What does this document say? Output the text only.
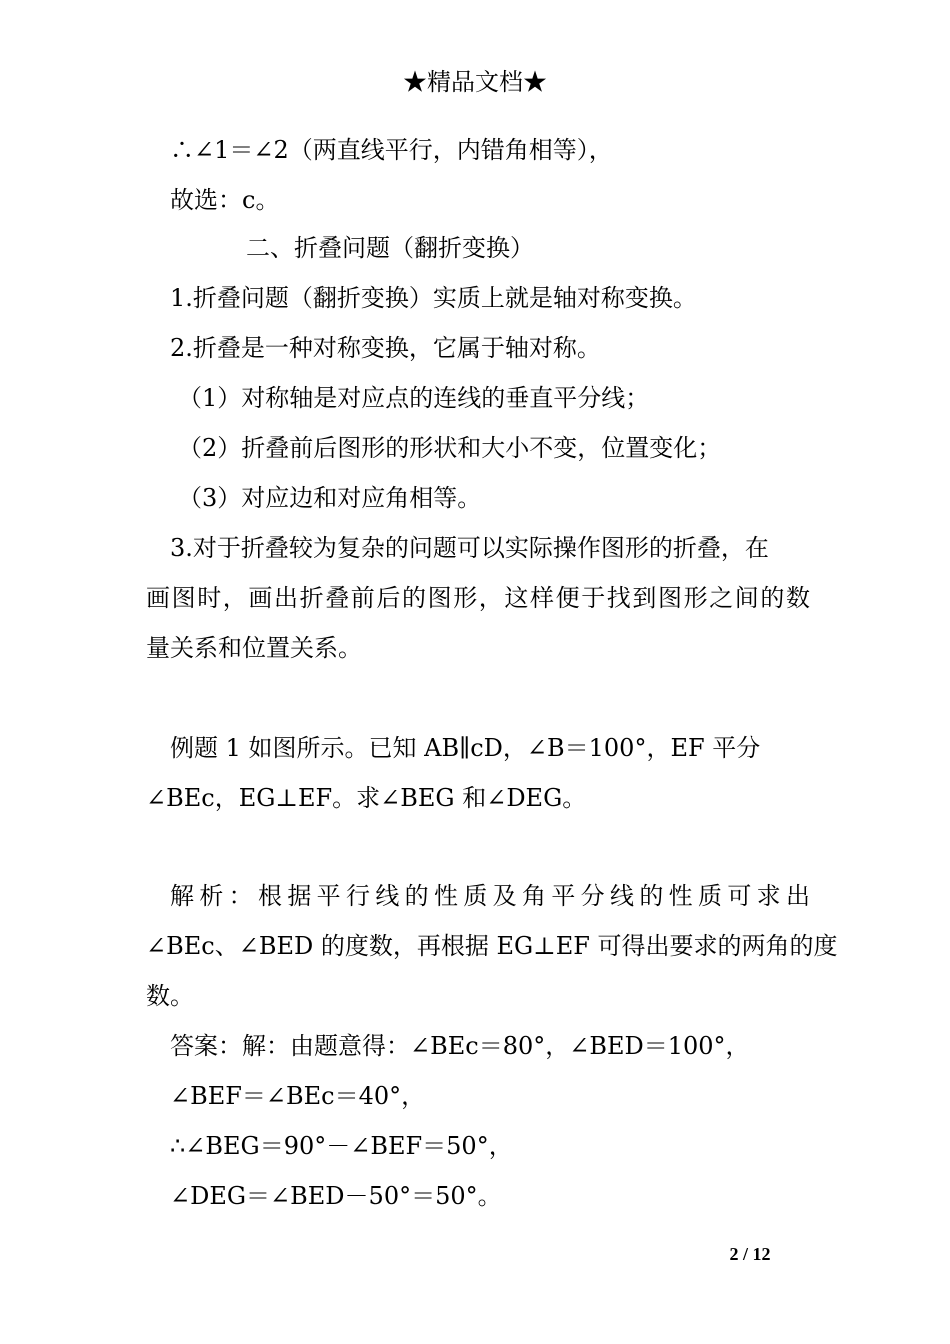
★精品文档★
∴∠1＝∠2（两直线平行，内错角相等），
故选：c。
二、折叠问题（翻折变换）
1.折叠问题（翻折变换）实质上就是轴对称变换。
2.折叠是一种对称变换，它属于轴对称。
（1）对称轴是对应点的连线的垂直平分线；
（2）折叠前后图形的形状和大小不变，位置变化；
（3）对应边和对应角相等。
3.对于折叠较为复杂的问题可以实际操作图形的折叠，在
画图时，画出折叠前后的图形，这样便于找到图形之间的数
量关系和位置关系。
例题 1 如图所示。已知 AB∥cD，∠B＝100°，EF 平分
∠BEc，EG⊥EF。求∠BEG 和∠DEG。
解析：根据平行线的性质及角平分线的性质可求出
∠BEc、∠BED 的度数，再根据 EG⊥EF 可得出要求的两角的度
数。
答案：解：由题意得：∠BEc＝80°，∠BED＝100°，
∠BEF＝∠BEc＝40°，
∴∠BEG＝90°－∠BEF＝50°，
∠DEG＝∠BED－50°＝50°。
2 / 12
